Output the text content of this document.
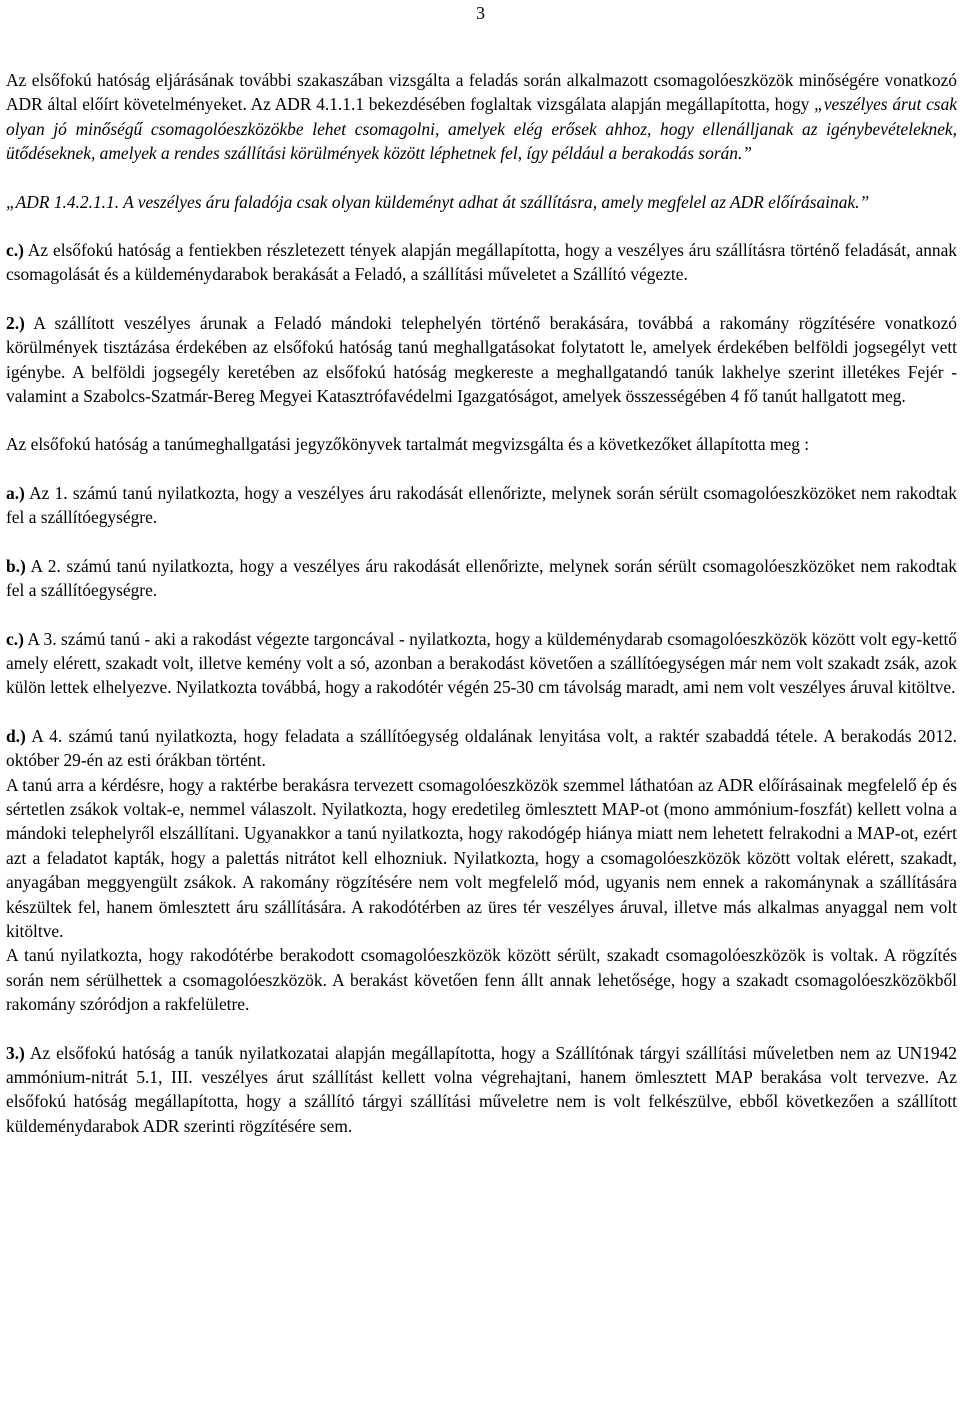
3

Az elsőfokú hatóság eljárásának további szakaszában vizsgálta a feladás során alkalmazott csomagolóeszközök minőségére vonatkozó ADR által előírt követelményeket. Az ADR 4.1.1.1 bekezdésében foglaltak vizsgálata alapján megállapította, hogy „veszélyes árut csak olyan jó minőségű csomagolóeszközökbe lehet csomagolni, amelyek elég erősek ahhoz, hogy ellenálljanak az igénybevételeknek, ütődéseknek, amelyek a rendes szállítási körülmények között léphetnek fel, így például a berakodás során.”

„ADR 1.4.2.1.1. A veszélyes áru faladója csak olyan küldeményt adhat át szállításra, amely megfelel az ADR előírásainak.”

c.) Az elsőfokú hatóság a fentiekben részletezett tények alapján megállapította, hogy a veszélyes áru szállításra történő feladását, annak csomagolását és a küldeménydarabok berakását a Feladó, a szállítási műveletet a Szállító végezte.

2.) A szállított veszélyes árunak a Feladó mándoki telephelyén történő berakására, továbbá a rakomány rögzítésére vonatkozó körülmények tisztázása érdekében az elsőfokú hatóság tanú meghallgatásokat folytatott le, amelyek érdekében belföldi jogsegélyt vett igénybe. A belföldi jogsegély keretében az elsőfokú hatóság megkereste a meghallgatandó tanúk lakhelye szerint illetékes Fejér - valamint a Szabolcs-Szatmár-Bereg Megyei Katasztrófavédelmi Igazgatóságot, amelyek összességében 4 fő tanút hallgatott meg.

Az elsőfokú hatóság a tanúmeghallgatási jegyzőkönyvek tartalmát megvizsgálta és a következőket állapította meg :

a.) Az 1. számú tanú nyilatkozta, hogy a veszélyes áru rakodását ellenőrizte, melynek során sérült csomagolóeszközöket nem rakodtak fel a szállítóegységre.

b.) A 2. számú tanú nyilatkozta, hogy a veszélyes áru rakodását ellenőrizte, melynek során sérült csomagolóeszközöket nem rakodtak fel a szállítóegységre.

c.) A 3. számú tanú - aki a rakodást végezte targoncával - nyilatkozta, hogy a küldeménydarab csomagolóeszközök között volt egy-kettő amely elérett, szakadt volt, illetve kemény volt a só, azonban a berakodást követően a szállítóegységen már nem volt szakadt zsák, azok külön lettek elhelyezve. Nyilatkozta továbbá, hogy a rakodótér végén 25-30 cm távolság maradt, ami nem volt veszélyes áruval kitöltve.

d.) A 4. számú tanú nyilatkozta, hogy feladata a szállítóegység oldalának lenyitása volt, a raktér szabaddá tétele. A berakodás 2012. október 29-én az esti órákban történt.

A tanú arra a kérdésre, hogy a raktérbe berakásra tervezett csomagolóeszközök szemmel láthatóan az ADR előírásainak megfelelő ép és sértetlen zsákok voltak-e, nemmel válaszolt. Nyilatkozta, hogy eredetileg ömlesztett MAP-ot (mono ammónium-foszfát) kellett volna a mándoki telephelyről elszállítani. Ugyanakkor a tanú nyilatkozta, hogy rakodógép hiánya miatt nem lehetett felrakodni a MAP-ot, ezért azt a feladatot kapták, hogy a palettás nitrátot kell elhozniuk. Nyilatkozta, hogy a csomagolóeszközök között voltak elérett, szakadt, anyagában meggyengült zsákok. A rakomány rögzítésére nem volt megfelelő mód, ugyanis nem ennek a rakománynak a szállítására készültek fel, hanem ömlesztett áru szállítására. A rakodótérben az üres tér veszélyes áruval, illetve más alkalmas anyaggal nem volt kitöltve.

A tanú nyilatkozta, hogy rakodótérbe berakodott csomagolóeszközök között sérült, szakadt csomagolóeszközök is voltak. A rögzítés során nem sérülhettek a csomagolóeszközök. A berakást követően fenn állt annak lehetősége, hogy a szakadt csomagolóeszközökből rakomány szóródjon a rakfelületre.

3.) Az elsőfokú hatóság a tanúk nyilatkozatai alapján megállapította, hogy a Szállítónak tárgyi szállítási műveletben nem az UN1942 ammónium-nitrát 5.1, III. veszélyes árut szállítást kellett volna végrehajtani, hanem ömlesztett MAP berakása volt tervezve. Az elsőfokú hatóság megállapította, hogy a szállító tárgyi szállítási műveletre nem is volt felkészülve, ebből következően a szállított küldeménydarabok ADR szerinti rögzítésére sem.
